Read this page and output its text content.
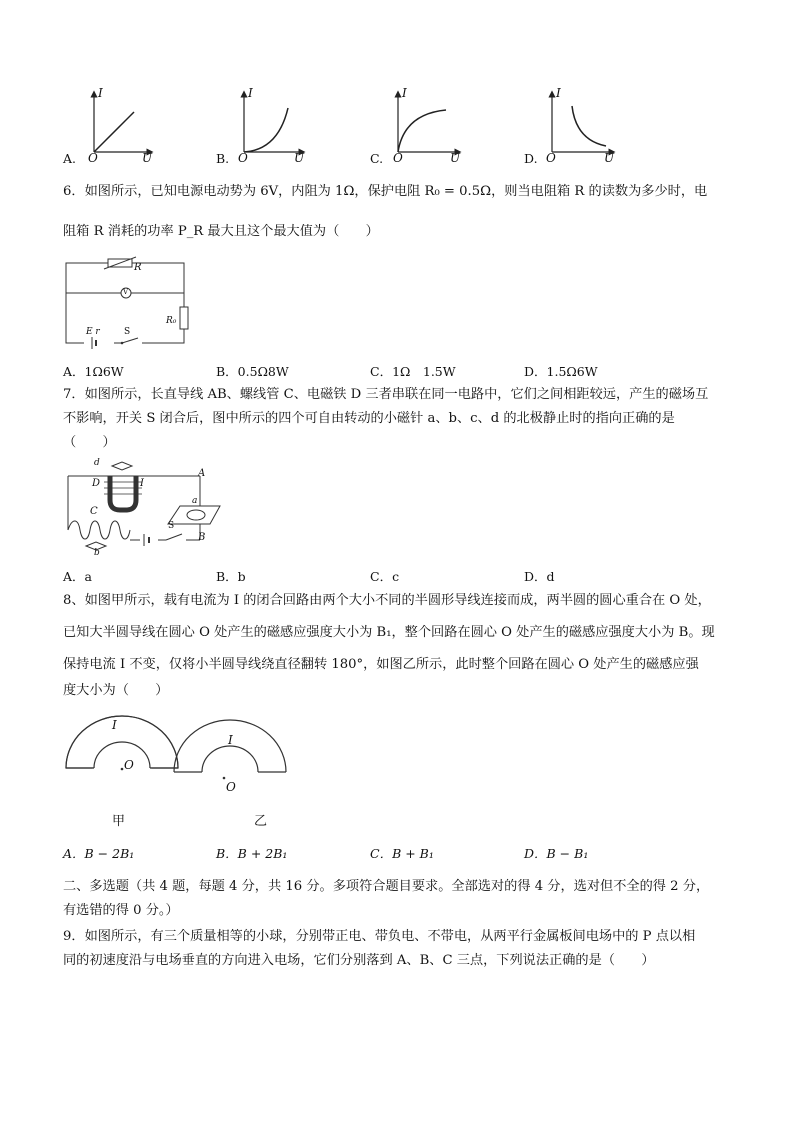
A.
I
O	U	B.
I
O	U	C.
I
O	U	D.
I
O	U
6．如图所示，已知电源电动势为 6V，内阻为 1Ω，保护电阻 R₀ = 0.5Ω，则当电阻箱 R 的读数为多少时，电
阻箱 R 消耗的功率 P_R 最大且这个最大值为（　　）
R
V
R₀
E r	S
A．1Ω6W	B．0.5Ω8W	C．1Ω　1.5W	D．1.5Ω6W
7．如图所示，长直导线 AB、螺线管 C、电磁铁 D 三者串联在同一电路中，它们之间相距较远，产生的磁场互
不影响，开关 S 闭合后，图中所示的四个可自由转动的小磁针 a、b、c、d 的北极静止时的指向正确的是
（　　）
d
D	I
A
a
C
b
S
B
A．a	B．b	C．c	D．d
8、如图甲所示，载有电流为 I 的闭合回路由两个大小不同的半圆形导线连接而成，两半圆的圆心重合在 O 处，
已知大半圆导线在圆心 O 处产生的磁感应强度大小为 B₁，整个回路在圆心 O 处产生的磁感应强度大小为 B。现
保持电流 I 不变，仅将小半圆导线绕直径翻转 180°，如图乙所示，此时整个回路在圆心 O 处产生的磁感应强
度大小为（　　）
I
O
甲
I
O
乙
A．B − 2B₁	B．B + 2B₁	C．B + B₁	D．B − B₁
二、多选题（共 4 题，每题 4 分，共 16 分。多项符合题目要求。全部选对的得 4 分，选对但不全的得 2 分，
有选错的得 0 分。）
9．如图所示，有三个质量相等的小球，分别带正电、带负电、不带电，从两平行金属板间电场中的 P 点以相
同的初速度沿与电场垂直的方向进入电场，它们分别落到 A、B、C 三点，下列说法正确的是（　　）
